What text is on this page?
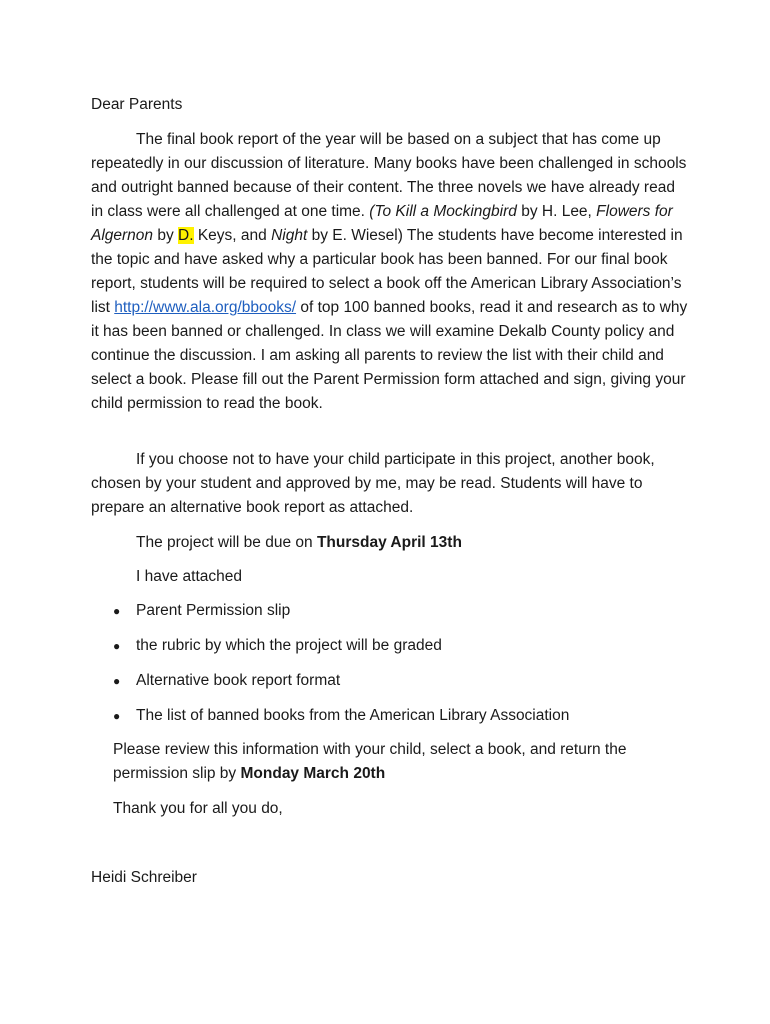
Dear Parents

The final book report of the year will be based on a subject that has come up repeatedly in our discussion of literature. Many books have been challenged in schools and outright banned because of their content. The three novels we have already read in class were all challenged at one time. (To Kill a Mockingbird by H. Lee, Flowers for Algernon by D. Keys, and Night by E. Wiesel) The students have become interested in the topic and have asked why a particular book has been banned. For our final book report, students will be required to select a book off the American Library Association’s list http://www.ala.org/bbooks/ of top 100 banned books, read it and research as to why it has been banned or challenged. In class we will examine Dekalb County policy and continue the discussion. I am asking all parents to review the list with their child and select a book. Please fill out the Parent Permission form attached and sign, giving your child permission to read the book.

If you choose not to have your child participate in this project, another book, chosen by your student and approved by me, may be read. Students will have to prepare an alternative book report as attached.

The project will be due on Thursday April 13th

I have attached

● Parent Permission slip
● the rubric by which the project will be graded
● Alternative book report format
● The list of banned books from the American Library Association

Please review this information with your child, select a book, and return the permission slip by Monday March 20th

Thank you for all you do,

Heidi Schreiber
